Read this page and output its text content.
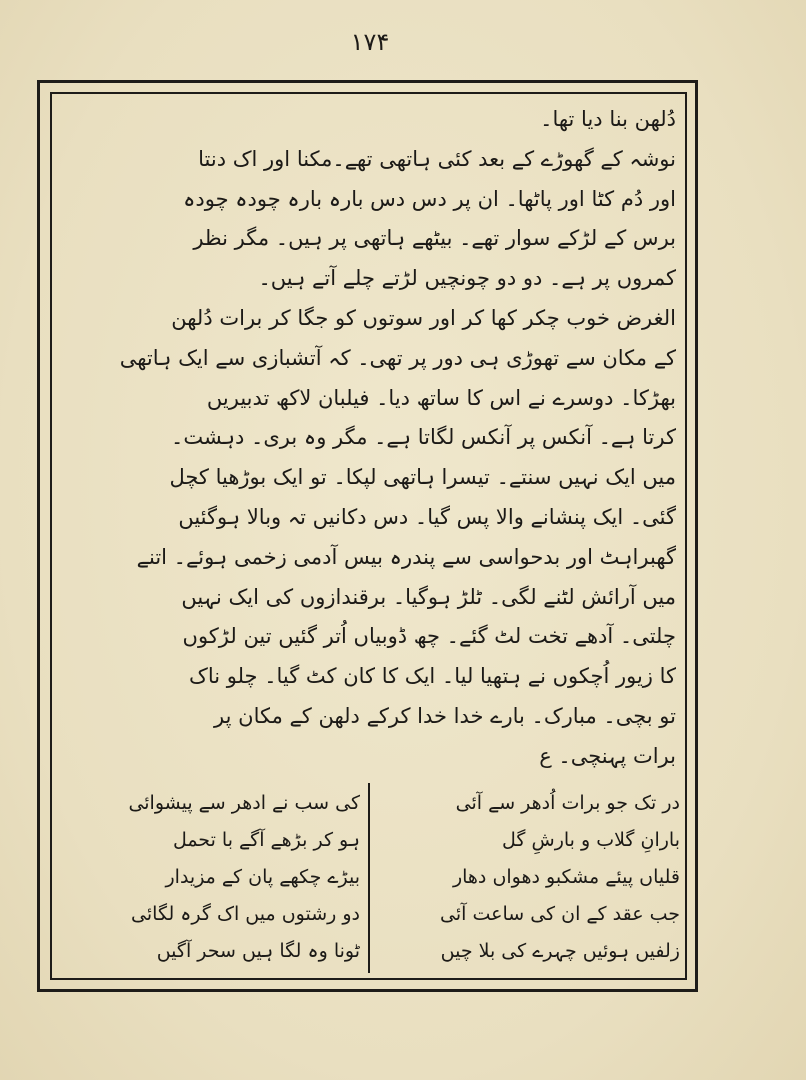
۱۷۴
دُلھن بنا دیا تھا۔
نوشہ کے گھوڑے کے بعد کئی ہاتھی تھے۔مکنا اور اک دنتا
اور دُم کٹا اور پاٹھا۔ ان پر دس دس بارہ بارہ چودہ چودہ
برس کے لڑکے سوار تھے۔ بیٹھے ہاتھی پر ہیں۔ مگر نظر
کمروں پر ہے۔ دو دو چونچیں لڑتے چلے آتے ہیں۔
الغرض خوب چکر کھا کر اور سوتوں کو جگا کر برات دُلھن
کے مکان سے تھوڑی ہی دور پر تھی۔ کہ آتشبازی سے ایک ہاتھی
بھڑکا۔ دوسرے نے اس کا ساتھ دیا۔ فیلبان لاکھ تدبیریں
کرتا ہے۔ آنکس پر آنکس لگاتا ہے۔ مگر وہ بری۔ دہشت۔
میں ایک نہیں سنتے۔ تیسرا ہاتھی لپکا۔ تو ایک بوڑھیا کچل
گئی۔ ایک پنشانے والا پس گیا۔ دس دکانیں تہ وبالا ہوگئیں
گھبراہٹ اور بدحواسی سے پندرہ بیس آدمی زخمی ہوئے۔ اتنے
میں آرائش لٹنے لگی۔ ٹلڑ ہوگیا۔ برقندازوں کی ایک نہیں
چلتی۔ آدھے تخت لٹ گئے۔ چھ ڈوبیاں اُتر گئیں تین لڑکوں
کا زیور اُچکوں نے ہتھیا لیا۔ ایک کا کان کٹ گیا۔ چلو ناک
تو بچی۔ مبارک۔ بارے خدا خدا کرکے دلھن کے مکان پر
برات پہنچی۔ ع
در تک جو برات اُدھر سے آئی
بارانِ گلاب و بارشِ گل
قلیاں پیئے مشکبو دھواں دھار
جب عقد کے ان کی ساعت آئی
زلفیں ہوئیں چہرے کی بلا چیں
کی سب نے ادھر سے پیشوائی
ہو کر بڑھے آگے با تحمل
بیڑے چکھے پان کے مزیدار
دو رشتوں میں اک گرہ لگائی
ٹونا وہ لگا ہیں سحر آگیں
